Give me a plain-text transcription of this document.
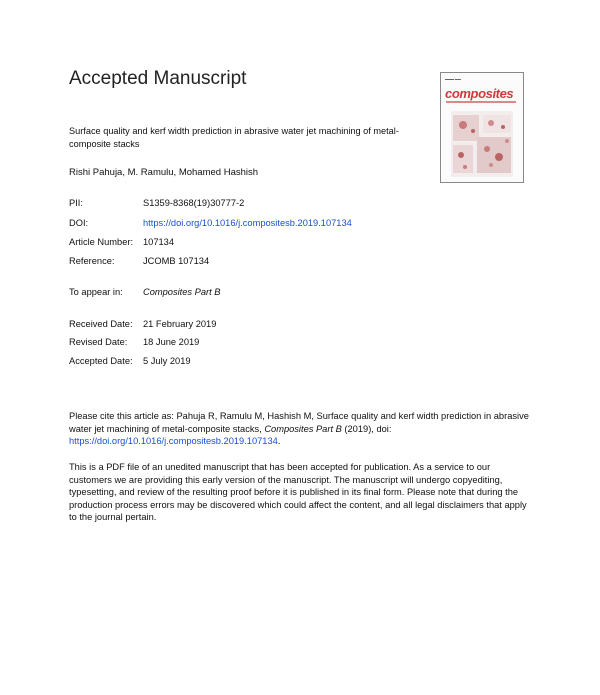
Accepted Manuscript	▬▬▬ ▬▬
composites
Surface quality and kerf width prediction in abrasive water jet machining of metal-composite stacks
Rishi Pahuja, M. Ramulu, Mohamed Hashish
PII:	S1359-8368(19)30777-2
DOI:	https://doi.org/10.1016/j.compositesb.2019.107134
Article Number: 107134
Reference:	JCOMB 107134
To appear in: Composites Part B
Received Date: 21 February 2019
Revised Date: 18 June 2019
Accepted Date: 5 July 2019
Please cite this article as: Pahuja R, Ramulu M, Hashish M, Surface quality and kerf width prediction in abrasive water jet machining of metal-composite stacks, Composites Part B (2019), doi: https://doi.org/10.1016/j.compositesb.2019.107134.
This is a PDF file of an unedited manuscript that has been accepted for publication. As a service to our customers we are providing this early version of the manuscript. The manuscript will undergo copyediting, typesetting, and review of the resulting proof before it is published in its final form. Please note that during the production process errors may be discovered which could affect the content, and all legal disclaimers that apply to the journal pertain.
